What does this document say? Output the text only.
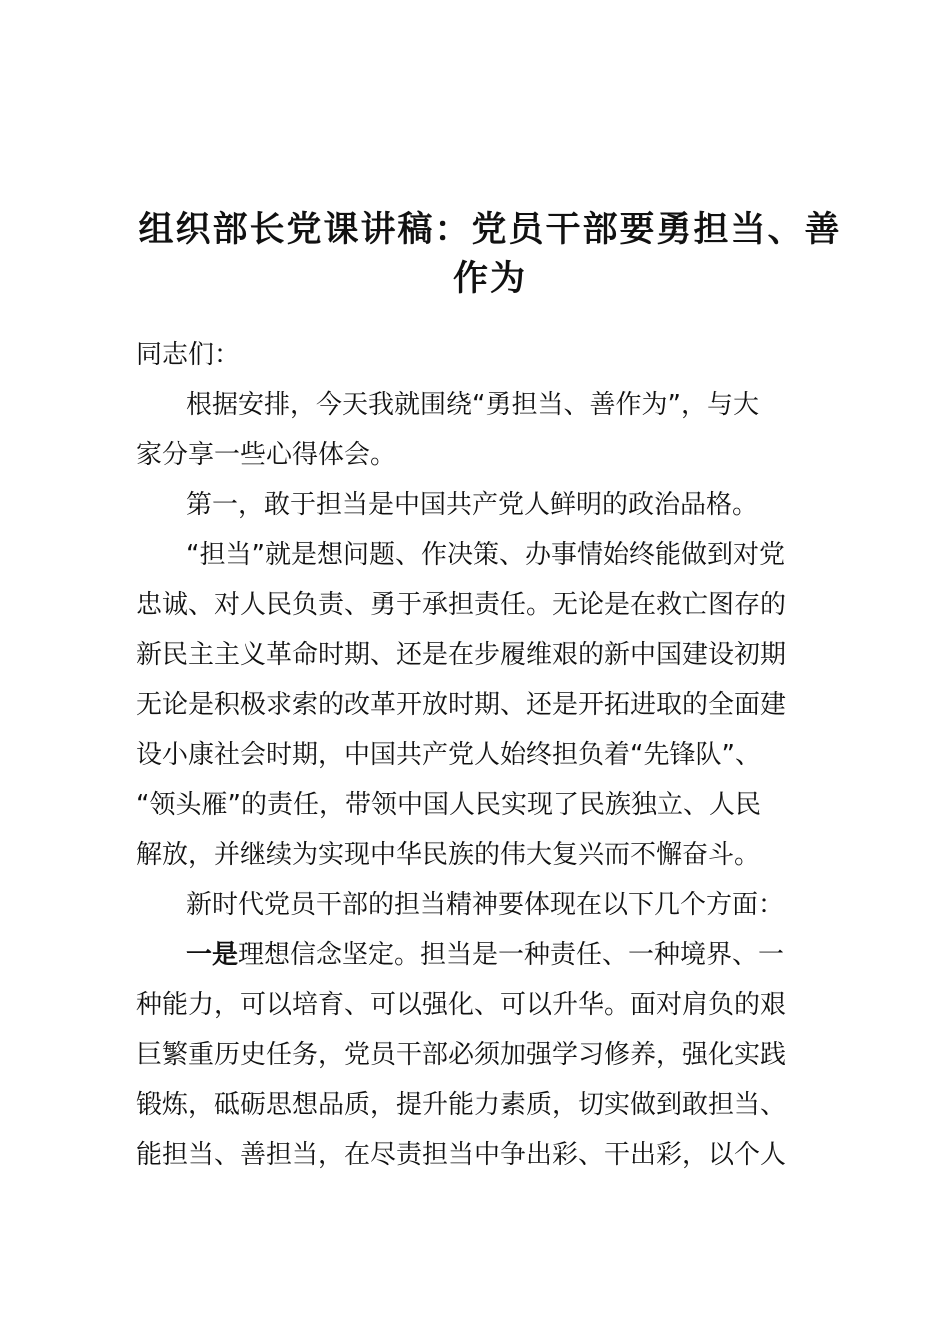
组织部长党课讲稿：党员干部要勇担当、善
作为
同志们：
根据安排，今天我就围绕“勇担当、善作为”，与大
家分享一些心得体会。
第一，敢于担当是中国共产党人鲜明的政治品格。
“担当”就是想问题、作决策、办事情始终能做到对党
忠诚、对人民负责、勇于承担责任。无论是在救亡图存的
新民主主义革命时期、还是在步履维艰的新中国建设初期
无论是积极求索的改革开放时期、还是开拓进取的全面建
设小康社会时期，中国共产党人始终担负着“先锋队”、
“领头雁”的责任，带领中国人民实现了民族独立、人民
解放，并继续为实现中华民族的伟大复兴而不懈奋斗。
新时代党员干部的担当精神要体现在以下几个方面：
一是理想信念坚定。担当是一种责任、一种境界、一
种能力，可以培育、可以强化、可以升华。面对肩负的艰
巨繁重历史任务，党员干部必须加强学习修养，强化实践
锻炼，砥砺思想品质，提升能力素质，切实做到敢担当、
能担当、善担当，在尽责担当中争出彩、干出彩，以个人
